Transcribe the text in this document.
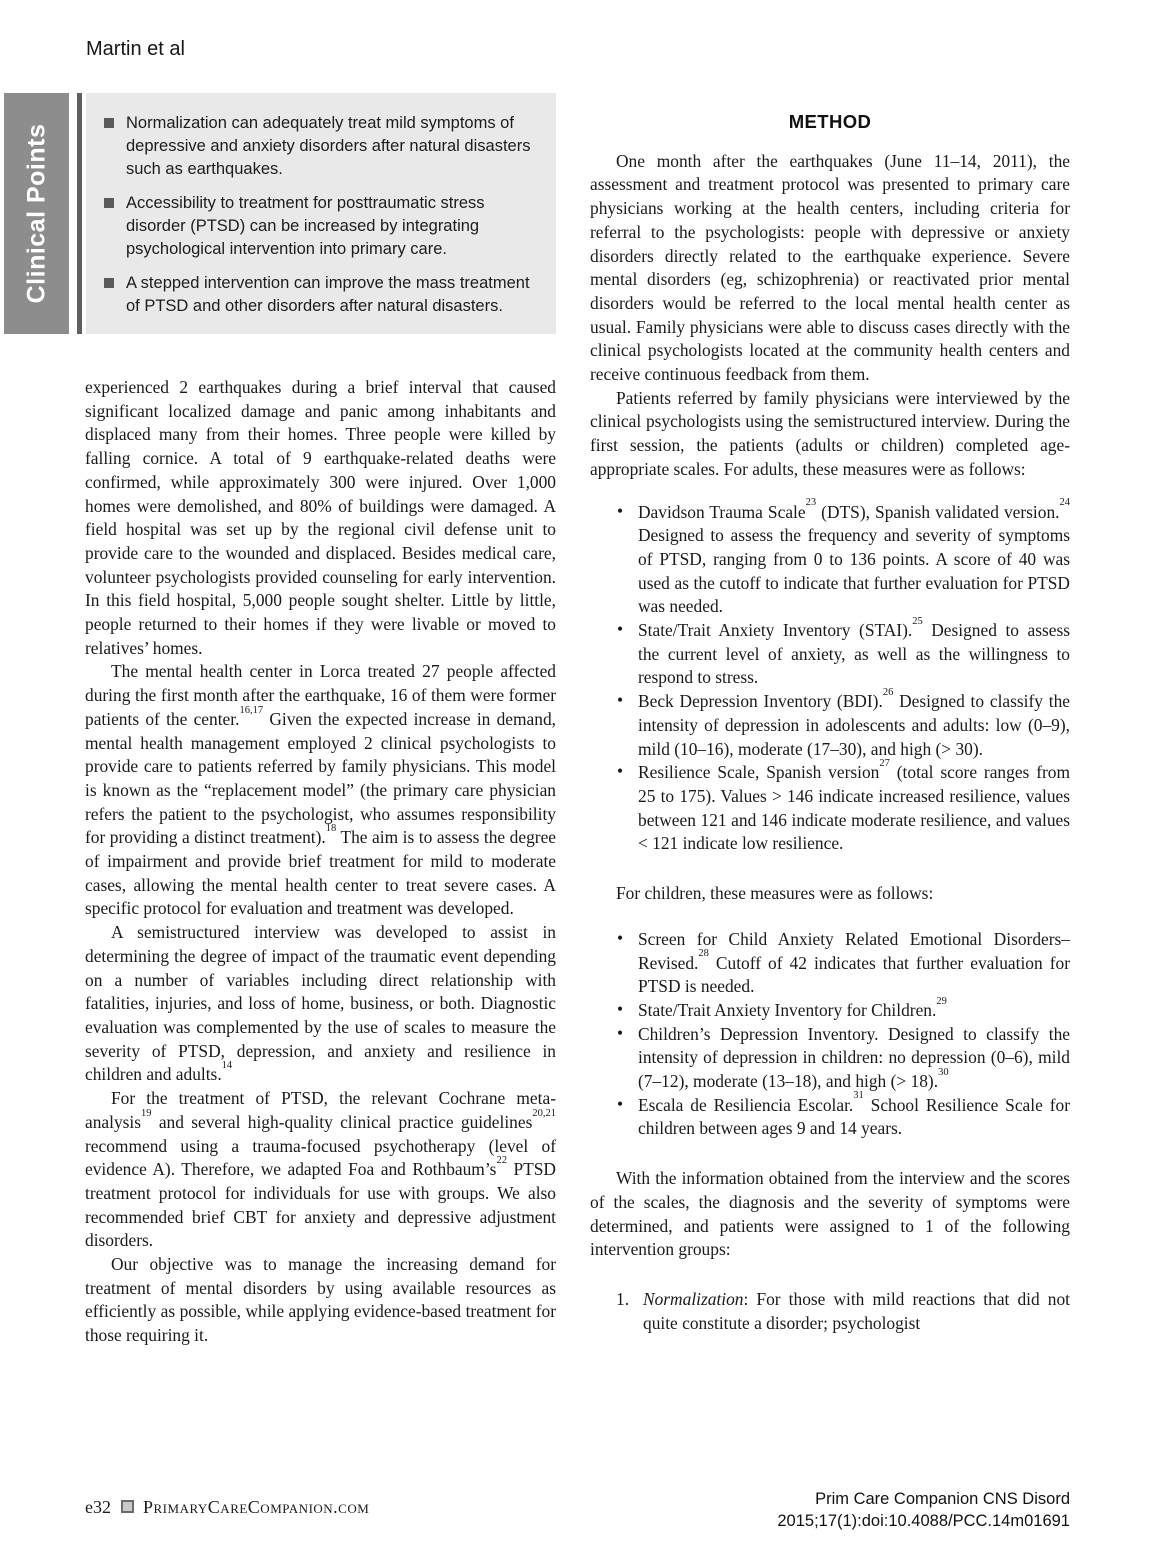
Martin et al
Clinical Points
Normalization can adequately treat mild symptoms of depressive and anxiety disorders after natural disasters such as earthquakes.
Accessibility to treatment for posttraumatic stress disorder (PTSD) can be increased by integrating psychological intervention into primary care.
A stepped intervention can improve the mass treatment of PTSD and other disorders after natural disasters.

experienced 2 earthquakes during a brief interval that caused significant localized damage and panic among inhabitants and displaced many from their homes. Three people were killed by falling cornice. A total of 9 earthquake-related deaths were confirmed, while approximately 300 were injured. Over 1,000 homes were demolished, and 80% of buildings were damaged. A field hospital was set up by the regional civil defense unit to provide care to the wounded and displaced. Besides medical care, volunteer psychologists provided counseling for early intervention. In this field hospital, 5,000 people sought shelter. Little by little, people returned to their homes if they were livable or moved to relatives’ homes.

The mental health center in Lorca treated 27 people affected during the first month after the earthquake, 16 of them were former patients of the center.$^{16,17}$ Given the expected increase in demand, mental health management employed 2 clinical psychologists to provide care to patients referred by family physicians. This model is known as the “replacement model” (the primary care physician refers the patient to the psychologist, who assumes responsibility for providing a distinct treatment).$^{18}$ The aim is to assess the degree of impairment and provide brief treatment for mild to moderate cases, allowing the mental health center to treat severe cases. A specific protocol for evaluation and treatment was developed.

A semistructured interview was developed to assist in determining the degree of impact of the traumatic event depending on a number of variables including direct relationship with fatalities, injuries, and loss of home, business, or both. Diagnostic evaluation was complemented by the use of scales to measure the severity of PTSD, depression, and anxiety and resilience in children and adults.$^{14}$

For the treatment of PTSD, the relevant Cochrane meta-analysis$^{19}$ and several high-quality clinical practice guidelines$^{20,21}$ recommend using a trauma-focused psychotherapy (level of evidence A). Therefore, we adapted Foa and $Rothbaum’s^{22}$ PTSD treatment protocol for individuals for use with groups. We also recommended brief CBT for anxiety and depressive adjustment disorders.

Our objective was to manage the increasing demand for treatment of mental disorders by using available resources as efficiently as possible, while applying evidence-based treatment for those requiring it.

METHOD

One month after the earthquakes (June 11–14, 2011), the assessment and treatment protocol was presented to primary care physicians working at the health centers, including criteria for referral to the psychologists: people with depressive or anxiety disorders directly related to the earthquake experience. Severe mental disorders (eg, schizophrenia) or reactivated prior mental disorders would be referred to the local mental health center as usual. Family physicians were able to discuss cases directly with the clinical psychologists located at the community health centers and receive continuous feedback from them.

Patients referred by family physicians were interviewed by the clinical psychologists using the semistructured interview. During the first session, the patients (adults or children) completed age-appropriate scales. For adults, these measures were as follows:

• Davidson Trauma Scale$^{23}$ (DTS), Spanish validated version.$^{24}$ Designed to assess the frequency and severity of symptoms of PTSD, ranging from 0 to 136 points. A score of 40 was used as the cutoff to indicate that further evaluation for PTSD was needed.
• State/Trait Anxiety Inventory (STAI).$^{25}$ Designed to assess the current level of anxiety, as well as the willingness to respond to stress.
• Beck Depression Inventory (BDI).$^{26}$ Designed to classify the intensity of depression in adolescents and adults: low (0–9), mild (10–16), moderate (17–30), and high (> 30).
• Resilience Scale, Spanish version$^{27}$ (total score ranges from 25 to 175). Values > 146 indicate increased resilience, values between 121 and 146 indicate moderate resilience, and values < 121 indicate low resilience.

For children, these measures were as follows:

• Screen for Child Anxiety Related Emotional Disorders–Revised.$^{28}$ Cutoff of 42 indicates that further evaluation for PTSD is needed.
• State/Trait Anxiety Inventory for Children.$^{29}$
• Children’s Depression Inventory. Designed to classify the intensity of depression in children: no depression (0–6), mild (7–12), moderate (13–18), and high (> 18).$^{30}$
• Escala de Resiliencia Escolar.$^{31}$ School Resilience Scale for children between ages 9 and 14 years.

With the information obtained from the interview and the scores of the scales, the diagnosis and the severity of symptoms were determined, and patients were assigned to 1 of the following intervention groups:

1. Normalization: For those with mild reactions that did not quite constitute a disorder; psychologist
e32 PrimaryCareCompanion.com	Prim Care Companion CNS Disord
2015;17(1):doi:10.4088/PCC.14m01691
